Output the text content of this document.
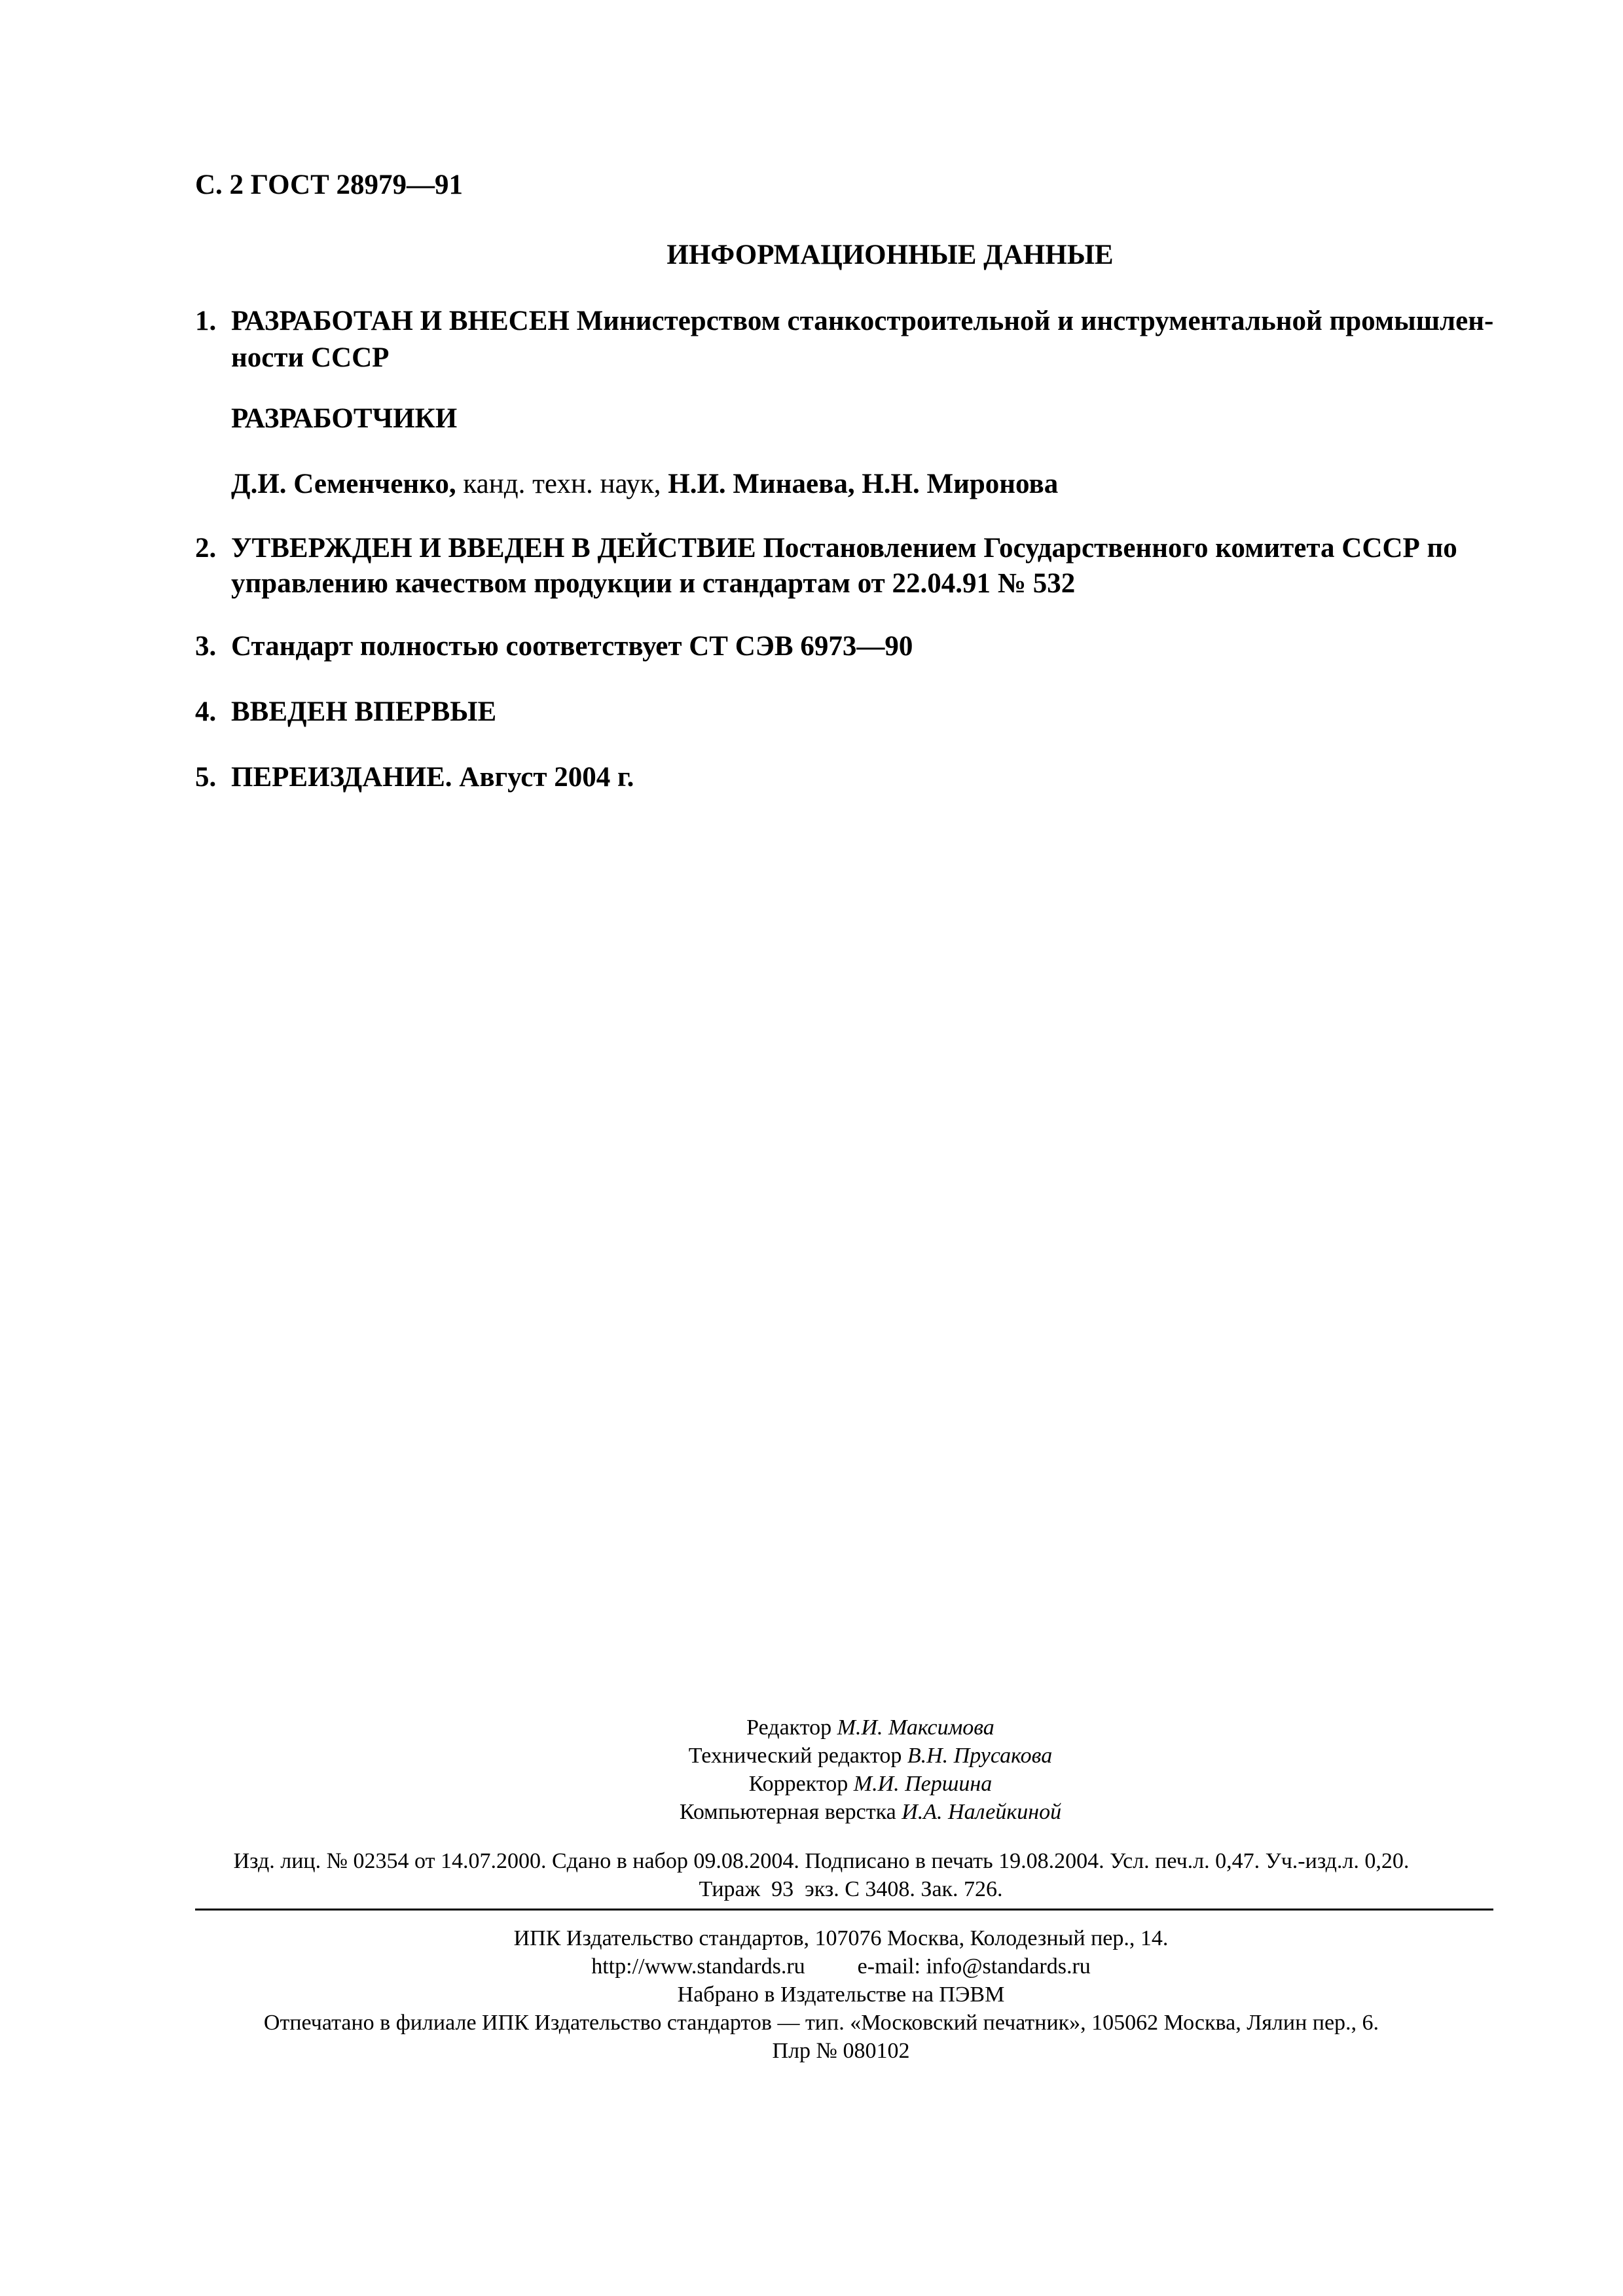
С. 2 ГОСТ 28979—91
ИНФОРМАЦИОННЫЕ ДАННЫЕ
1. РАЗРАБОТАН И ВНЕСЕН Министерством станкостроительной и инструментальной промышлен-
ности СССР
РАЗРАБОТЧИКИ
Д.И. Семенченко, канд. техн. наук, Н.И. Минаева, Н.Н. Миронова
2. УТВЕРЖДЕН И ВВЕДЕН В ДЕЙСТВИЕ Постановлением Государственного комитета СССР по
управлению качеством продукции и стандартам от 22.04.91 № 532
3. Стандарт полностью соответствует СТ СЭВ 6973—90
4. ВВЕДЕН ВПЕРВЫЕ
5. ПЕРЕИЗДАНИЕ. Август 2004 г.
Редактор М.И. Максимова
Технический редактор В.Н. Прусакова
Корректор М.И. Першина
Компьютерная верстка И.А. Налейкиной
Изд. лиц. № 02354 от 14.07.2000. Сдано в набор 09.08.2004. Подписано в печать 19.08.2004. Усл. печ.л. 0,47. Уч.-изд.л. 0,20.
Тираж  93  экз. С 3408. Зак. 726.
ИПК Издательство стандартов, 107076 Москва, Колодезный пер., 14.
http://www.standards.ru e-mail: info@standards.ru
Набрано в Издательстве на ПЭВМ
Отпечатано в филиале ИПК Издательство стандартов — тип. «Московский печатник», 105062 Москва, Лялин пер., 6.
Плр № 080102
